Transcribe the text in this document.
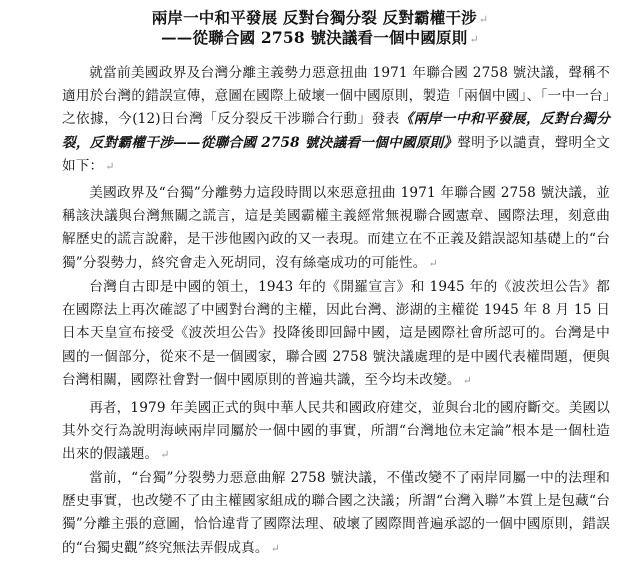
兩岸一中和平發展 反對台獨分裂 反對霸權干涉 ↵
——從聯合國 2758 號決議看一個中國原則 ↵
就當前美國政界及台灣分離主義勢力惡意扭曲 1971 年聯合國 2758 號決議，聲稱不適用於台灣的錯誤宣傳，意圖在國際上破壞一個中國原則，製造「兩個中國」、「一中一台」之依據，今(12)日台灣「反分裂反干涉聯合行動」發表《兩岸一中和平發展，反對台獨分裂，反對霸權干涉——從聯合國 2758 號決議看一個中國原則》聲明予以譴責，聲明全文如下： ↵
美國政界及“台獨”分離勢力這段時間以來惡意扭曲 1971 年聯合國 2758 號決議，並稱該決議與台灣無關之謊言，這是美國霸權主義經常無視聯合國憲章、國際法理，刻意曲解歷史的謊言說辭，是干涉他國內政的又一表現。而建立在不正義及錯誤認知基礎上的“台獨”分裂勢力，終究會走入死胡同，沒有絲毫成功的可能性。 ↵
台灣自古即是中國的領土，1943 年的《開羅宣言》和 1945 年的《波茨坦公告》都在國際法上再次確認了中國對台灣的主權，因此台灣、澎湖的主權從 1945 年 8 月 15 日日本天皇宣布接受《波茨坦公告》投降後即回歸中國，這是國際社會所認可的。台灣是中國的一個部分，從來不是一個國家，聯合國 2758 號決議處理的是中國代表權問題，便與台灣相關，國際社會對一個中國原則的普遍共識，至今均未改變。 ↵
再者，1979 年美國正式的與中華人民共和國政府建交，並與台北的國府斷交。美國以其外交行為說明海峽兩岸同屬於一個中國的事實，所謂“台灣地位未定論”根本是一個杜造出來的假議題。 ↵
當前，“台獨”分裂勢力惡意曲解 2758 號決議，不僅改變不了兩岸同屬一中的法理和歷史事實，也改變不了由主權國家組成的聯合國之決議；所謂“台灣入聯”本質上是包藏“台獨”分離主張的意圖，恰恰違背了國際法理、破壞了國際間普遍承認的一個中國原則，錯誤的“台獨史觀”終究無法弄假成真。 ↵
